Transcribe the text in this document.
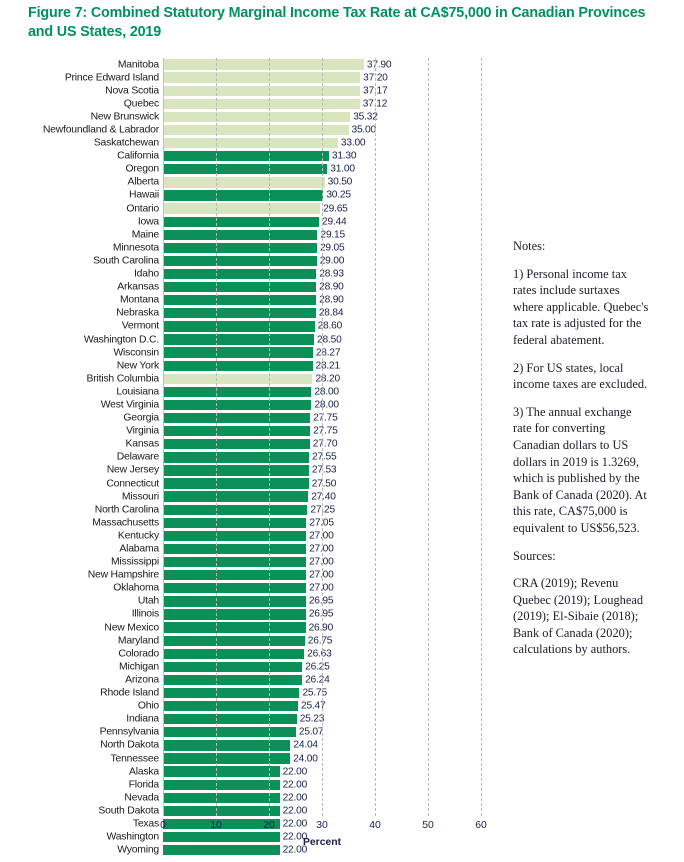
Figure 7: Combined Statutory Marginal Income Tax Rate at CA$75,000 in Canadian Provinces and US States, 2019
Manitoba	37.90
Prince Edward Island	37.20
Nova Scotia	37.17
Quebec	37.12
New Brunswick	35.32
Newfoundland & Labrador	35.00
Saskatchewan	33.00
California	31.30
Oregon	31.00
Alberta	30.50
Hawaii	30.25
Ontario	29.65
Iowa	29.44
Maine	29.15
Minnesota	29.05
South Carolina	29.00
Idaho	28.93
Arkansas	28.90
Montana	28.90
Nebraska	28.84
Vermont	28.60
Washington D.C.	28.50
Wisconsin	28.27
New York	28.21
British Columbia	28.20
Louisiana	28.00
West Virginia	28.00
Georgia	27.75
Virginia	27.75
Kansas	27.70
Delaware	27.55
New Jersey	27.53
Connecticut	27.50
Missouri	27.40
North Carolina	27.25
Massachusetts	27.05
Kentucky	27.00
Alabama	27.00
Mississippi	27.00
New Hampshire	27.00
Oklahoma	27.00
Utah	26.95
Illinois	26.95
New Mexico	26.90
Maryland	26.75
Colorado	26.63
Michigan	26.25
Arizona	26.24
Rhode Island	25.75
Ohio	25.47
Indiana	25.23
Pennsylvania	25.07
North Dakota	24.04
Tennessee	24.00
Alaska	22.00
Florida	22.00
Nevada	22.00
South Dakota	22.00
Texas	22.00
Washington	22.00
Wyoming	22.00
Percent
0	10	20	30	40	50	60

Notes:

1) Personal income tax rates include surtaxes where applicable. Quebec's tax rate is adjusted for the federal abatement.

2) For US states, local income taxes are excluded.

3) The annual exchange rate for converting Canadian dollars to US dollars in 2019 is 1.3269, which is published by the Bank of Canada (2020). At this rate, CA$75,000 is equivalent to US$56,523.

Sources:

CRA (2019); Revenu Quebec (2019); Loughead (2019); El-Sibaie (2018); Bank of Canada (2020); calculations by authors.
